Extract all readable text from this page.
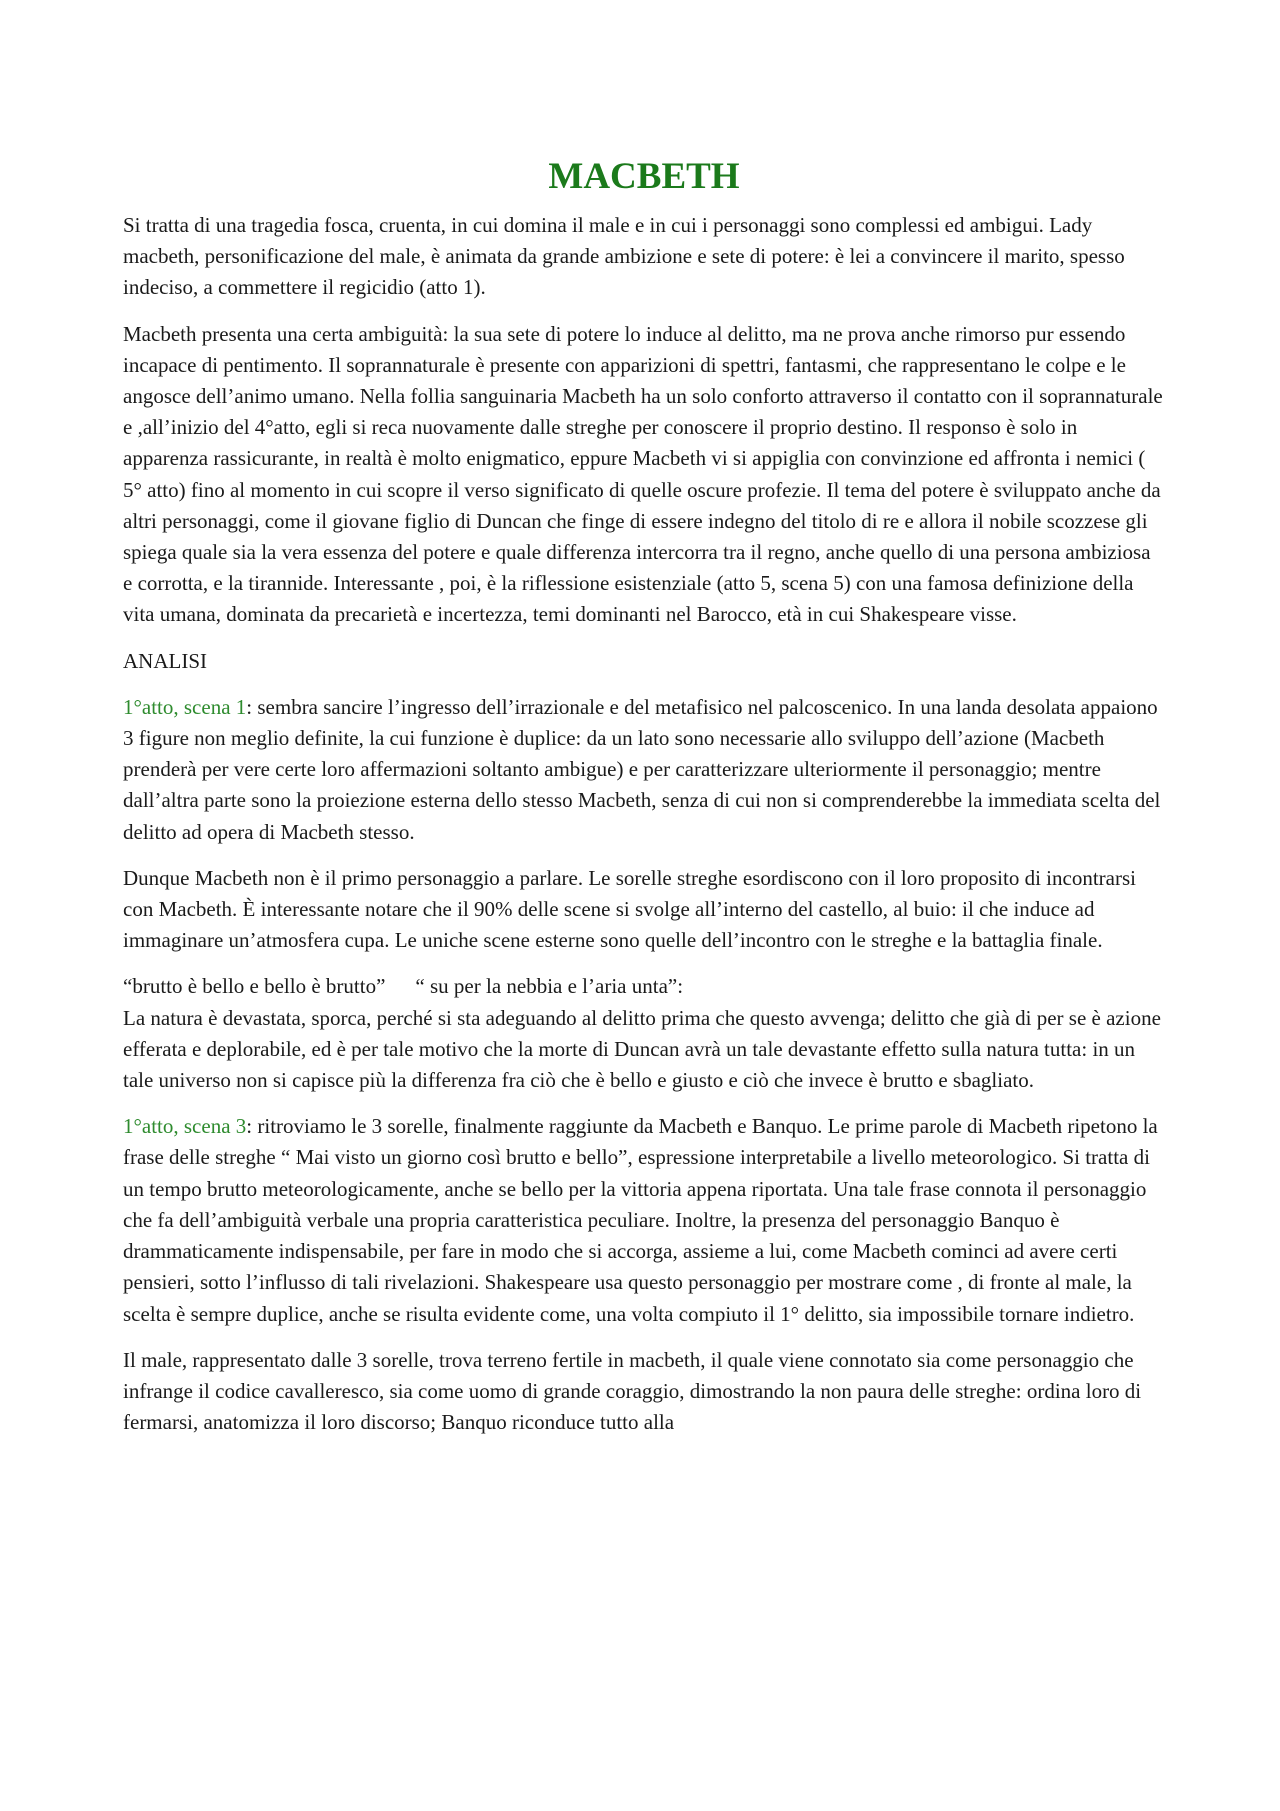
MACBETH

Si tratta di una tragedia fosca, cruenta, in cui domina il male e in cui i personaggi sono complessi ed ambigui. Lady macbeth, personificazione del male, è animata da grande ambizione e sete di potere: è lei a convincere il marito, spesso indeciso, a commettere il regicidio (atto 1).

Macbeth presenta una certa ambiguità: la sua sete di potere lo induce al delitto, ma ne prova anche rimorso pur essendo incapace di pentimento. Il soprannaturale è presente con apparizioni di spettri, fantasmi, che rappresentano le colpe e le angosce dell’animo umano. Nella follia sanguinaria Macbeth ha un solo conforto attraverso il contatto con il soprannaturale e ,all’inizio del 4°atto, egli si reca nuovamente dalle streghe per conoscere il proprio destino. Il responso è solo in apparenza rassicurante, in realtà è molto enigmatico, eppure Macbeth vi si appiglia con convinzione ed affronta i nemici ( 5° atto) fino al momento in cui scopre il verso significato di quelle oscure profezie. Il tema del potere è sviluppato anche da altri personaggi, come il giovane figlio di Duncan che finge di essere indegno del titolo di re e allora il nobile scozzese gli spiega quale sia la vera essenza del potere e quale differenza intercorra tra il regno, anche quello di una persona ambiziosa e corrotta, e la tirannide. Interessante , poi, è la riflessione esistenziale (atto 5, scena 5) con una famosa definizione della vita umana, dominata da precarietà e incertezza, temi dominanti nel Barocco, età in cui Shakespeare visse.

ANALISI

1°atto, scena 1: sembra sancire l’ingresso dell’irrazionale e del metafisico nel palcoscenico. In una landa desolata appaiono 3 figure non meglio definite, la cui funzione è duplice: da un lato sono necessarie allo sviluppo dell’azione (Macbeth prenderà per vere certe loro affermazioni soltanto ambigue) e per caratterizzare ulteriormente il personaggio; mentre dall’altra parte sono la proiezione esterna dello stesso Macbeth, senza di cui non si comprenderebbe la immediata scelta del delitto ad opera di Macbeth stesso.

Dunque Macbeth non è il primo personaggio a parlare. Le sorelle streghe esordiscono con il loro proposito di incontrarsi con Macbeth. È interessante notare che il 90% delle scene si svolge all’interno del castello, al buio: il che induce ad immaginare un’atmosfera cupa. Le uniche scene esterne sono quelle dell’incontro con le streghe e la battaglia finale.

“brutto è bello e bello è brutto” “ su per la nebbia e l’aria unta”:
La natura è devastata, sporca, perché si sta adeguando al delitto prima che questo avvenga; delitto che già di per se è azione efferata e deplorabile, ed è per tale motivo che la morte di Duncan avrà un tale devastante effetto sulla natura tutta: in un tale universo non si capisce più la differenza fra ciò che è bello e giusto e ciò che invece è brutto e sbagliato.

1°atto, scena 3: ritroviamo le 3 sorelle, finalmente raggiunte da Macbeth e Banquo. Le prime parole di Macbeth ripetono la frase delle streghe “ Mai visto un giorno così brutto e bello”, espressione interpretabile a livello meteorologico. Si tratta di un tempo brutto meteorologicamente, anche se bello per la vittoria appena riportata. Una tale frase connota il personaggio che fa dell’ambiguità verbale una propria caratteristica peculiare. Inoltre, la presenza del personaggio Banquo è drammaticamente indispensabile, per fare in modo che si accorga, assieme a lui, come Macbeth cominci ad avere certi pensieri, sotto l’influsso di tali rivelazioni. Shakespeare usa questo personaggio per mostrare come , di fronte al male, la scelta è sempre duplice, anche se risulta evidente come, una volta compiuto il 1° delitto, sia impossibile tornare indietro.

Il male, rappresentato dalle 3 sorelle, trova terreno fertile in macbeth, il quale viene connotato sia come personaggio che infrange il codice cavalleresco, sia come uomo di grande coraggio, dimostrando la non paura delle streghe: ordina loro di fermarsi, anatomizza il loro discorso; Banquo riconduce tutto alla
